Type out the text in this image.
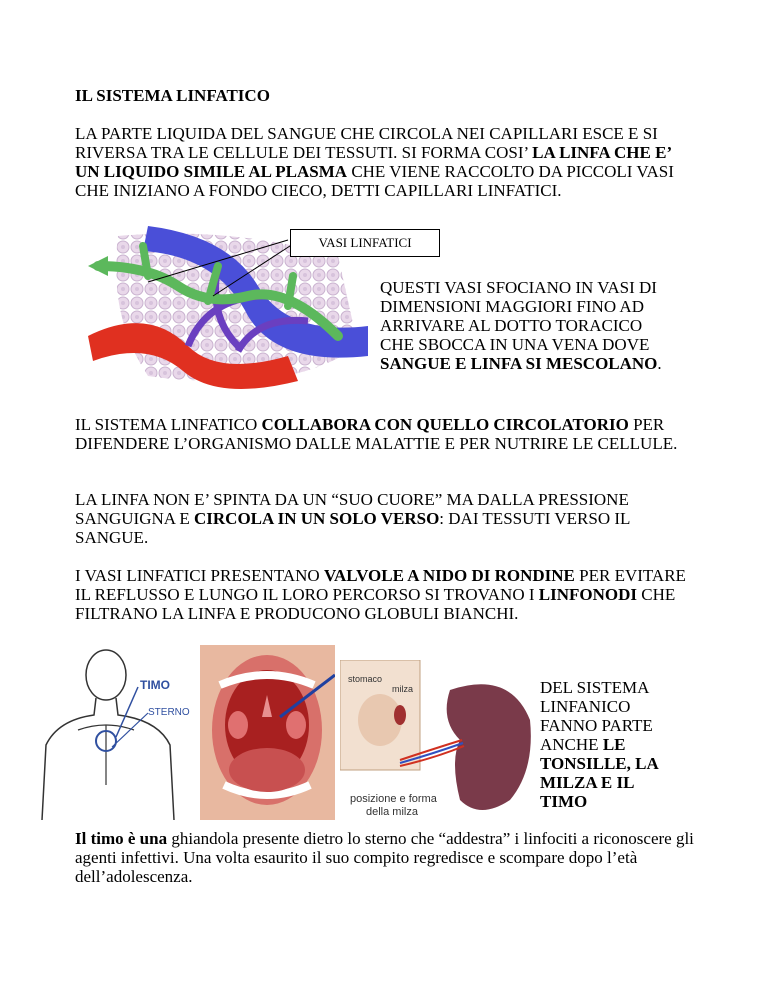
IL SISTEMA LINFATICO
LA PARTE LIQUIDA DEL SANGUE CHE CIRCOLA NEI CAPILLARI ESCE E SI RIVERSA TRA LE CELLULE DEI TESSUTI. SI FORMA COSI’ LA LINFA CHE E’ UN LIQUIDO SIMILE AL PLASMA CHE VIENE RACCOLTO DA PICCOLI VASI CHE INIZIANO A FONDO CIECO, DETTI CAPILLARI LINFATICI.
VASI LINFATICI
QUESTI VASI SFOCIANO IN VASI DI DIMENSIONI MAGGIORI FINO AD ARRIVARE AL DOTTO TORACICO CHE SBOCCA IN UNA VENA DOVE SANGUE E LINFA SI MESCOLANO.
IL SISTEMA LINFATICO COLLABORA CON QUELLO CIRCOLATORIO PER DIFENDERE L’ORGANISMO DALLE MALATTIE E PER NUTRIRE LE CELLULE.
LA LINFA NON E’ SPINTA DA UN “SUO CUORE” MA DALLA PRESSIONE SANGUIGNA E CIRCOLA IN UN SOLO VERSO: DAI TESSUTI VERSO IL SANGUE.
I VASI LINFATICI PRESENTANO VALVOLE A NIDO DI RONDINE PER EVITARE IL REFLUSSO E LUNGO IL LORO PERCORSO SI TROVANO I LINFONODI CHE FILTRANO LA LINFA E PRODUCONO GLOBULI BIANCHI.
TIMO
STERNO
stomaco
milza
posizione e forma
della milza
DEL SISTEMA LINFANICO FANNO PARTE ANCHE LE TONSILLE, LA MILZA E IL TIMO
Il timo è una ghiandola presente dietro lo sterno che “addestra” i linfociti a riconoscere gli agenti infettivi. Una volta esaurito il suo compito regredisce e scompare dopo l’età dell’adolescenza.
